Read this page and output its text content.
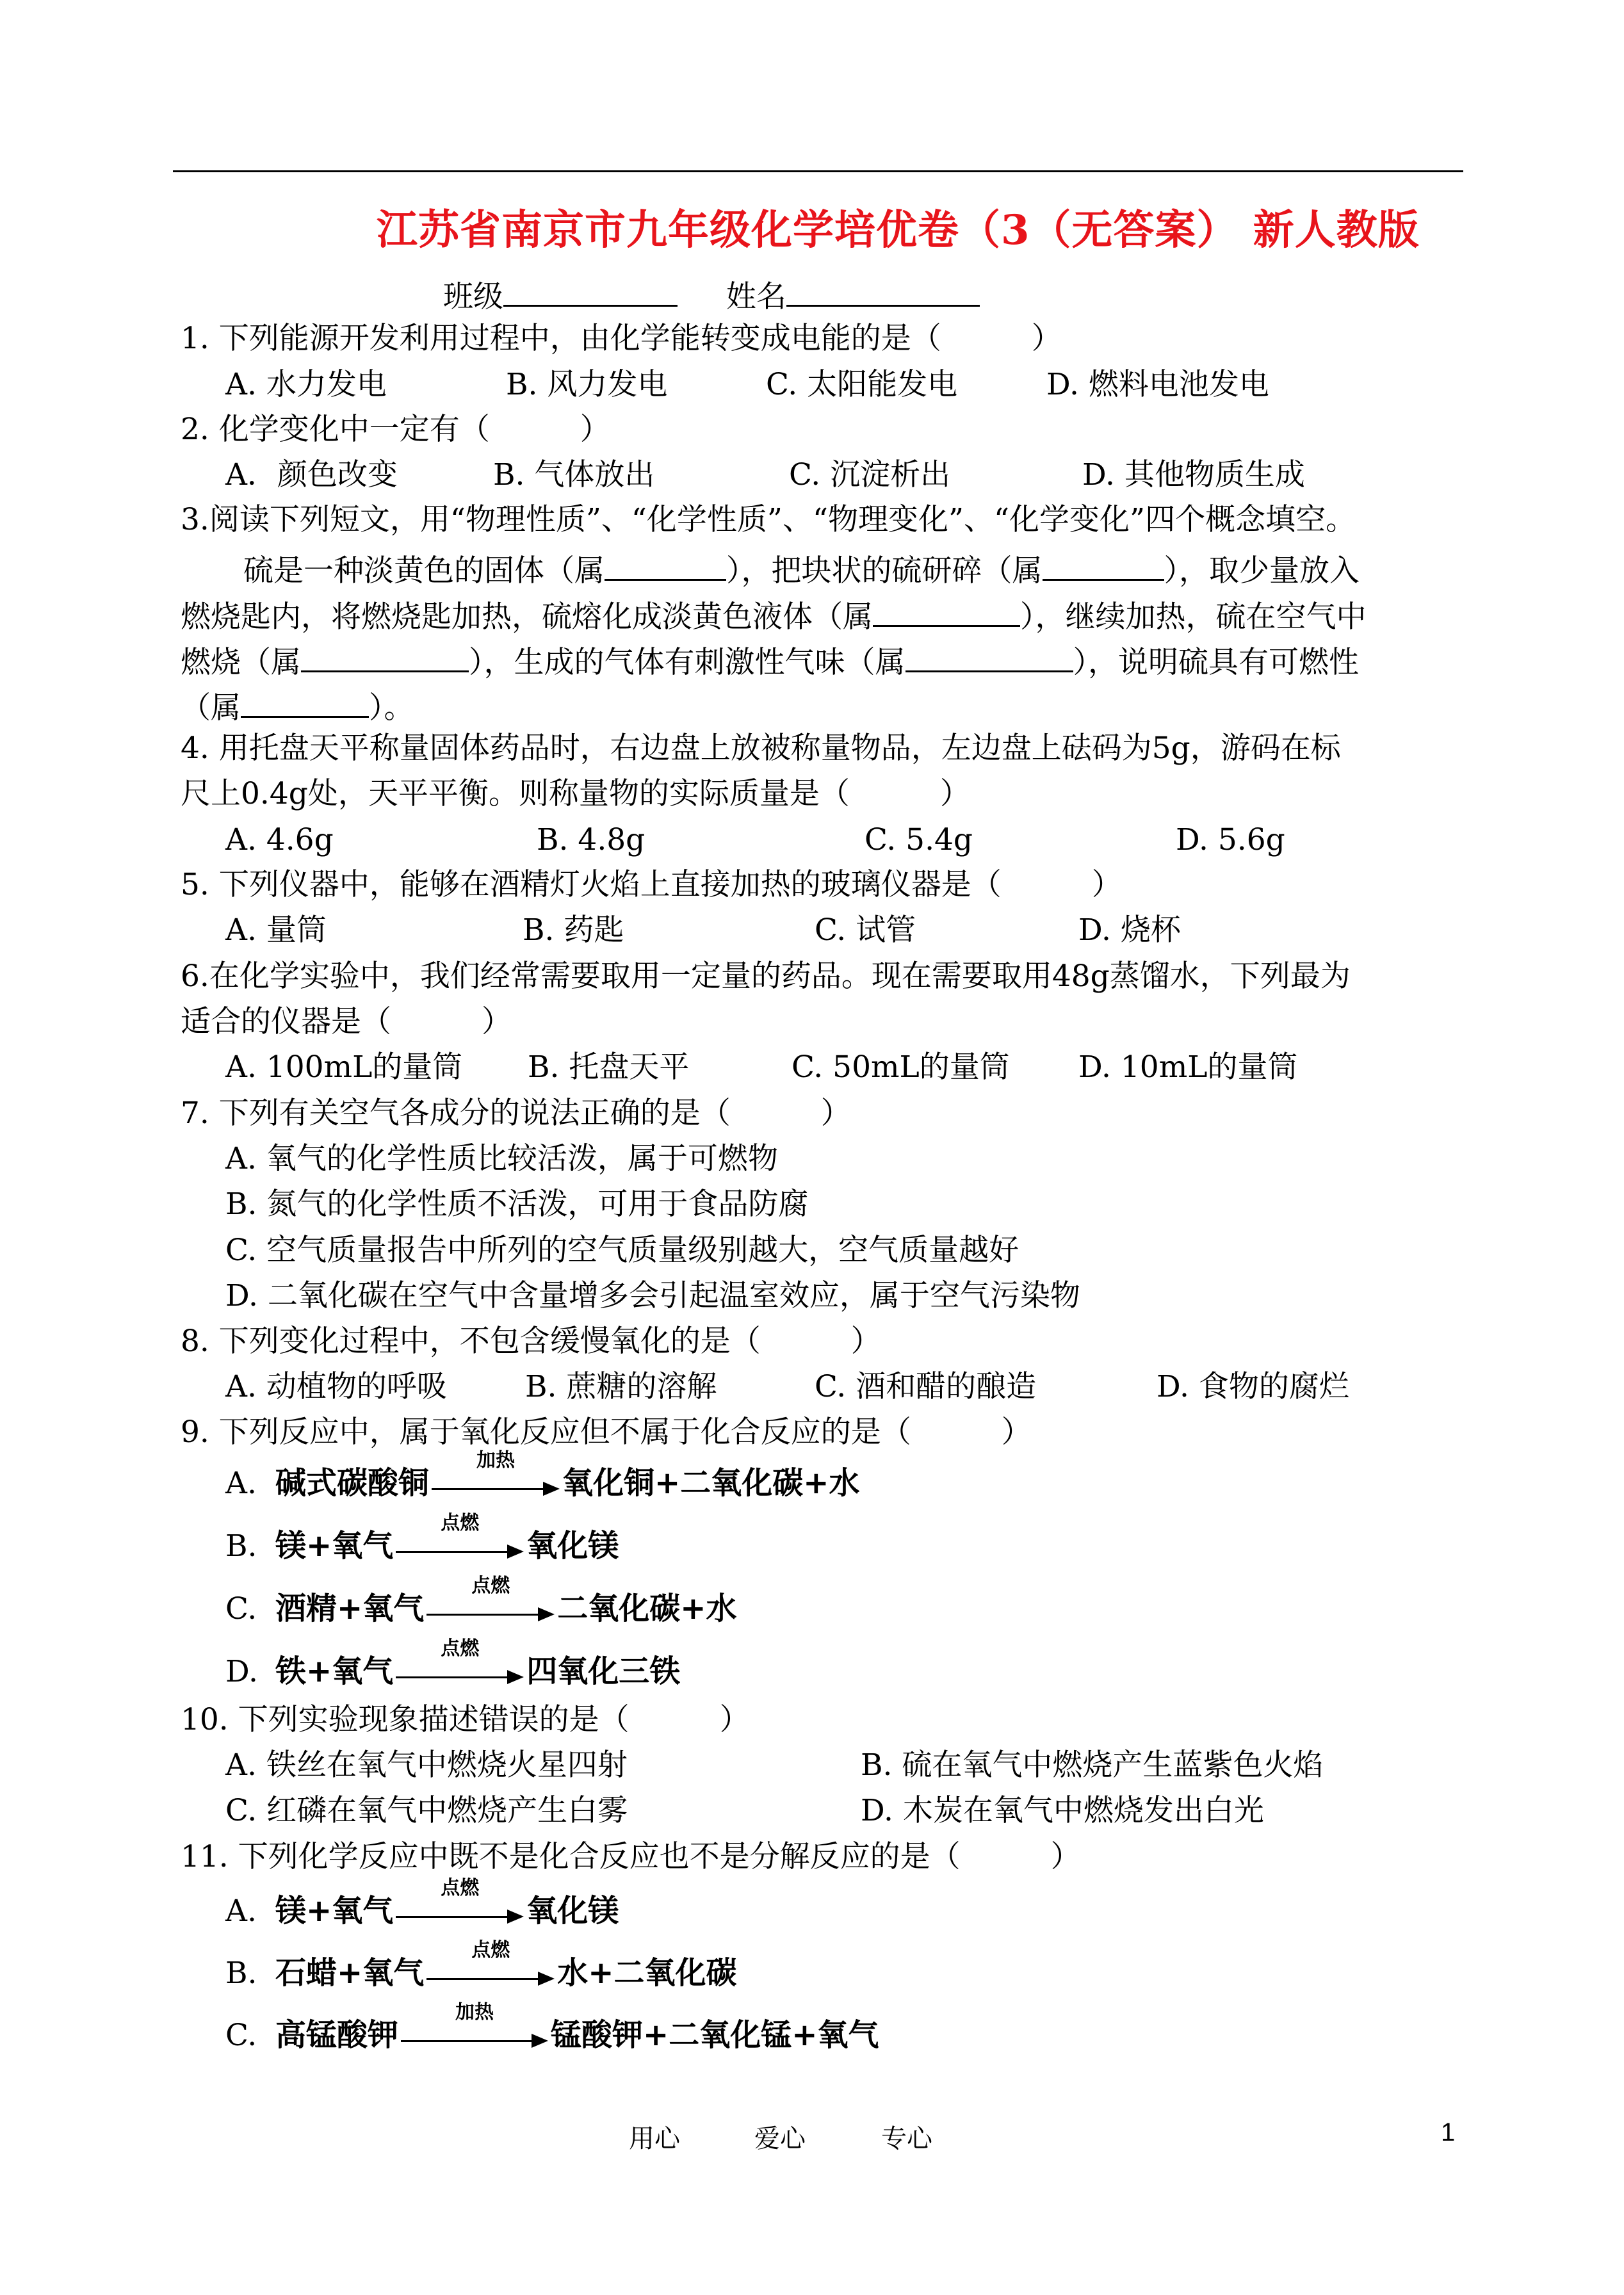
江苏省南京市九年级化学培优卷（3（无答案） 新人教版
班级	姓名
1. 下列能源开发利用过程中，由化学能转变成电能的是（　　　）
A. 水力发电	B. 风力发电	C. 太阳能发电	D. 燃料电池发电
2. 化学变化中一定有（　　　）
A．颜色改变	B. 气体放出	C. 沉淀析出	D. 其他物质生成
3.阅读下列短文，用“物理性质”、“化学性质”、“物理变化”、“化学变化”四个概念填空。
硫是一种淡黄色的固体（属	），把块状的硫研碎（属	），取少量放入
燃烧匙内，将燃烧匙加热，硫熔化成淡黄色液体（属	），继续加热，硫在空气中
燃烧（属	），生成的气体有刺激性气味（属	），说明硫具有可燃性
（属	）。
4. 用托盘天平称量固体药品时，右边盘上放被称量物品，左边盘上砝码为5g，游码在标
尺上0.4g处，天平平衡。则称量物的实际质量是（　　　）
A. 4.6g	B. 4.8g	C. 5.4g	D. 5.6g
5. 下列仪器中，能够在酒精灯火焰上直接加热的玻璃仪器是（　　　）
A. 量筒	B. 药匙	C. 试管	D. 烧杯
6.在化学实验中，我们经常需要取用一定量的药品。现在需要取用48g蒸馏水，下列最为
适合的仪器是（　　　）
A. 100mL的量筒 B. 托盘天平	C. 50mL的量筒 D. 10mL的量筒
7. 下列有关空气各成分的说法正确的是（　　　）
A. 氧气的化学性质比较活泼，属于可燃物
B. 氮气的化学性质不活泼，可用于食品防腐
C. 空气质量报告中所列的空气质量级别越大，空气质量越好
D. 二氧化碳在空气中含量增多会引起温室效应，属于空气污染物
8. 下列变化过程中，不包含缓慢氧化的是（　　　）
A. 动植物的呼吸	B. 蔗糖的溶解	C. 酒和醋的酿造	D. 食物的腐烂
9. 下列反应中，属于氧化反应但不属于化合反应的是（　　　）
A. 碱式碳酸铜
加热
氧化铜+二氧化碳+水
B. 镁+氧气
点燃
氧化镁
C. 酒精+氧气
点燃
二氧化碳+水
D. 铁+氧气
点燃
四氧化三铁
10. 下列实验现象描述错误的是（　　　）
A. 铁丝在氧气中燃烧火星四射	B. 硫在氧气中燃烧产生蓝紫色火焰
C. 红磷在氧气中燃烧产生白雾	D. 木炭在氧气中燃烧发出白光
11. 下列化学反应中既不是化合反应也不是分解反应的是（　　　）
A. 镁+氧气
点燃
氧化镁
B. 石蜡+氧气
点燃
水+二氧化碳
C. 高锰酸钾
加热
锰酸钾+二氧化锰+氧气
用心	爱心	专心	1
